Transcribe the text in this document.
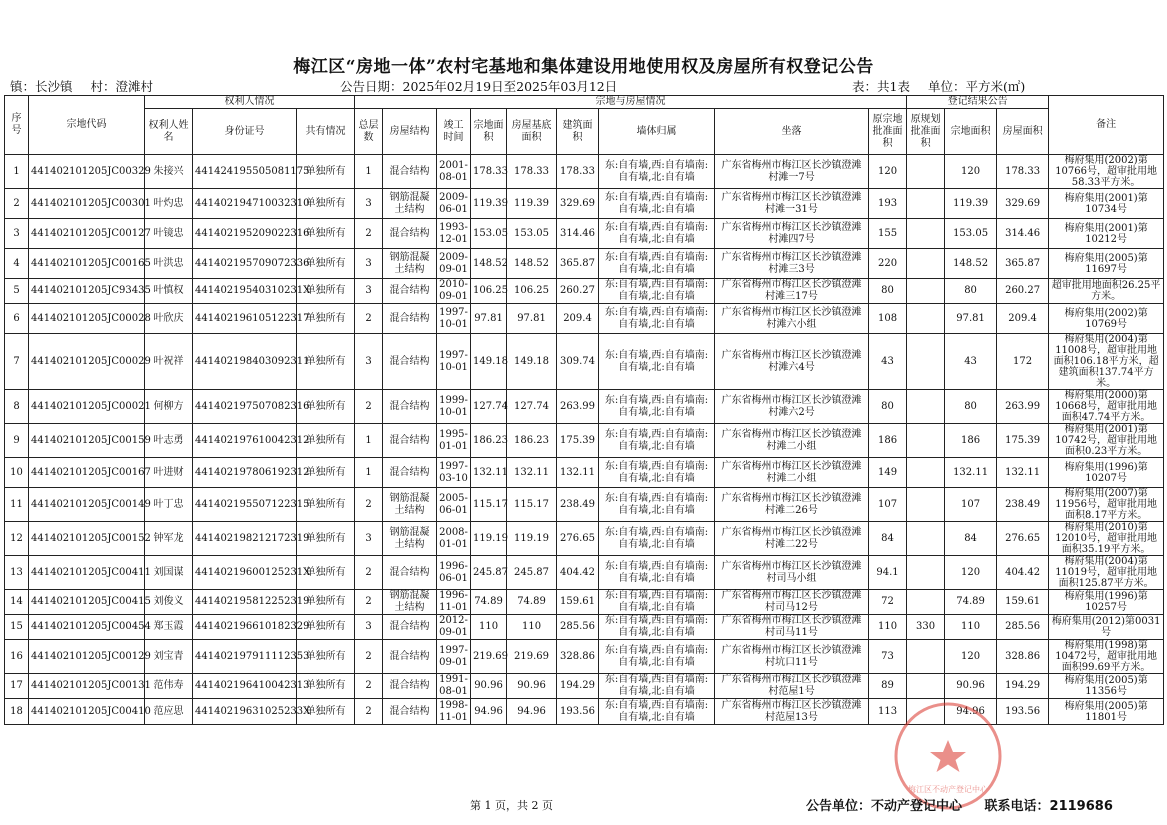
梅江区“房地一体”农村宅基地和集体建设用地使用权及房屋所有权登记公告
镇：长沙镇 村：澄滩村	公告日期：2025年02月19日至2025年03月12日	表：共1表 单位：平方米(㎡)
序号	宗地代码	权利人情况			宗地与房屋情况									登记结果公告			备注
		权利人姓名	身份证号	共有情况	总层数	房屋结构	竣工时间	宗地面积	房屋基底面积	建筑面积	墙体归属	坐落	原宗地批准面积	原规划批准面积	宗地面积	房屋面积	
1	441402101205JC00329	朱接兴	441424195505081175	单独所有	1	混合结构	2001-08-01	178.33	178.33	178.33	东:自有墙,西:自有墙南:自有墙,北:自有墙	广东省梅州市梅江区长沙镇澄滩村滩一7号	120		120	178.33	梅府集用(2002)第10766号，超审批用地58.33平方米。
2	441402101205JC00301	叶灼忠	441402194710032310	单独所有	3	钢筋混凝土结构	2009-06-01	119.39	119.39	329.69	东:自有墙,西:自有墙南:自有墙,北:自有墙	广东省梅州市梅江区长沙镇澄滩村滩一31号	193		119.39	329.69	梅府集用(2001)第10734号
3	441402101205JC00127	叶镜忠	441402195209022316	单独所有	2	混合结构	1993-12-01	153.05	153.05	314.46	东:自有墙,西:自有墙南:自有墙,北:自有墙	广东省梅州市梅江区长沙镇澄滩村滩四7号	155		153.05	314.46	梅府集用(2001)第10212号
4	441402101205JC00165	叶洪忠	441402195709072336	单独所有	3	钢筋混凝土结构	2009-09-01	148.52	148.52	365.87	东:自有墙,西:自有墙南:自有墙,北:自有墙	广东省梅州市梅江区长沙镇澄滩村滩三3号	220		148.52	365.87	梅府集用(2005)第11697号
5	441402101205JC93435	叶慎权	44140219540310231X	单独所有	3	混合结构	2010-09-01	106.25	106.25	260.27	东:自有墙,西:自有墙南:自有墙,北:自有墙	广东省梅州市梅江区长沙镇澄滩村滩三17号	80		80	260.27	超审批用地面积26.25平方米。
6	441402101205JC00028	叶欣庆	441402196105122317	单独所有	2	混合结构	1997-10-01	97.81	97.81	209.4	东:自有墙,西:自有墙南:自有墙,北:自有墙	广东省梅州市梅江区长沙镇澄滩村滩六小组	108		97.81	209.4	梅府集用(2002)第10769号
7	441402101205JC00029	叶祝祥	441402198403092311	单独所有	3	混合结构	1997-10-01	149.18	149.18	309.74	东:自有墙,西:自有墙南:自有墙,北:自有墙	广东省梅州市梅江区长沙镇澄滩村滩六4号	43		43	172	梅府集用(2004)第11008号，超审批用地面积106.18平方米，超建筑面积137.74平方米。
8	441402101205JC00021	何柳方	441402197507082316	单独所有	2	混合结构	1999-10-01	127.74	127.74	263.99	东:自有墙,西:自有墙南:自有墙,北:自有墙	广东省梅州市梅江区长沙镇澄滩村滩六2号	80		80	263.99	梅府集用(2000)第10668号，超审批用地面积47.74平方米。
9	441402101205JC00159	叶志勇	441402197610042312	单独所有	1	混合结构	1995-01-01	186.23	186.23	175.39	东:自有墙,西:自有墙南:自有墙,北:自有墙	广东省梅州市梅江区长沙镇澄滩村滩二小组	186		186	175.39	梅府集用(2001)第10742号，超审批用地面积0.23平方米。
10	441402101205JC00167	叶进财	441402197806192312	单独所有	1	混合结构	1997-03-10	132.11	132.11	132.11	东:自有墙,西:自有墙南:自有墙,北:自有墙	广东省梅州市梅江区长沙镇澄滩村滩二小组	149		132.11	132.11	梅府集用(1996)第10207号
11	441402101205JC00149	叶丁忠	441402195507122315	单独所有	2	钢筋混凝土结构	2005-06-01	115.17	115.17	238.49	东:自有墙,西:自有墙南:自有墙,北:自有墙	广东省梅州市梅江区长沙镇澄滩村滩二26号	107		107	238.49	梅府集用(2007)第11956号，超审批用地面积8.17平方米。
12	441402101205JC00152	钟军龙	441402198212172319	单独所有	3	钢筋混凝土结构	2008-01-01	119.19	119.19	276.65	东:自有墙,西:自有墙南:自有墙,北:自有墙	广东省梅州市梅江区长沙镇澄滩村滩二22号	84		84	276.65	梅府集用(2010)第12010号，超审批用地面积35.19平方米。
13	441402101205JC00411	刘国谋	44140219600125231X	单独所有	2	混合结构	1996-06-01	245.87	245.87	404.42	东:自有墙,西:自有墙南:自有墙,北:自有墙	广东省梅州市梅江区长沙镇澄滩村司马小组	94.1		120	404.42	梅府集用(2004)第11019号，超审批用地面积125.87平方米。
14	441402101205JC00415	刘俊义	441402195812252319	单独所有	2	钢筋混凝土结构	1996-11-01	74.89	74.89	159.61	东:自有墙,西:自有墙南:自有墙,北:自有墙	广东省梅州市梅江区长沙镇澄滩村司马12号	72		74.89	159.61	梅府集用(1996)第10257号
15	441402101205JC00454	郑玉霞	441402196610182329	单独所有	3	混合结构	2012-09-01	110	110	285.56	东:自有墙,西:自有墙南:自有墙,北:自有墙	广东省梅州市梅江区长沙镇澄滩村司马11号	110	330	110	285.56	梅府集用(2012)第0031号
16	441402101205JC00129	刘宝青	441402197911112353	单独所有	2	混合结构	1997-09-01	219.69	219.69	328.86	东:自有墙,西:自有墙南:自有墙,北:自有墙	广东省梅州市梅江区长沙镇澄滩村坑口11号	73		120	328.86	梅府集用(1998)第10472号，超审批用地面积99.69平方米。
17	441402101205JC00131	范伟寿	441402196410042313	单独所有	2	混合结构	1991-08-01	90.96	90.96	194.29	东:自有墙,西:自有墙南:自有墙,北:自有墙	广东省梅州市梅江区长沙镇澄滩村范屋1号	89		90.96	194.29	梅府集用(2005)第11356号
18	441402101205JC00410	范应思	44140219631025233X	单独所有	2	混合结构	1998-11-01	94.96	94.96	193.56	东:自有墙,西:自有墙南:自有墙,北:自有墙	广东省梅州市梅江区长沙镇澄滩村范屋13号	113		94.96	193.56	梅府集用(2005)第11801号
梅江区不动产登记中心
第 1 页，共 2 页	公告单位：不动产登记中心 联系电话：2119686
